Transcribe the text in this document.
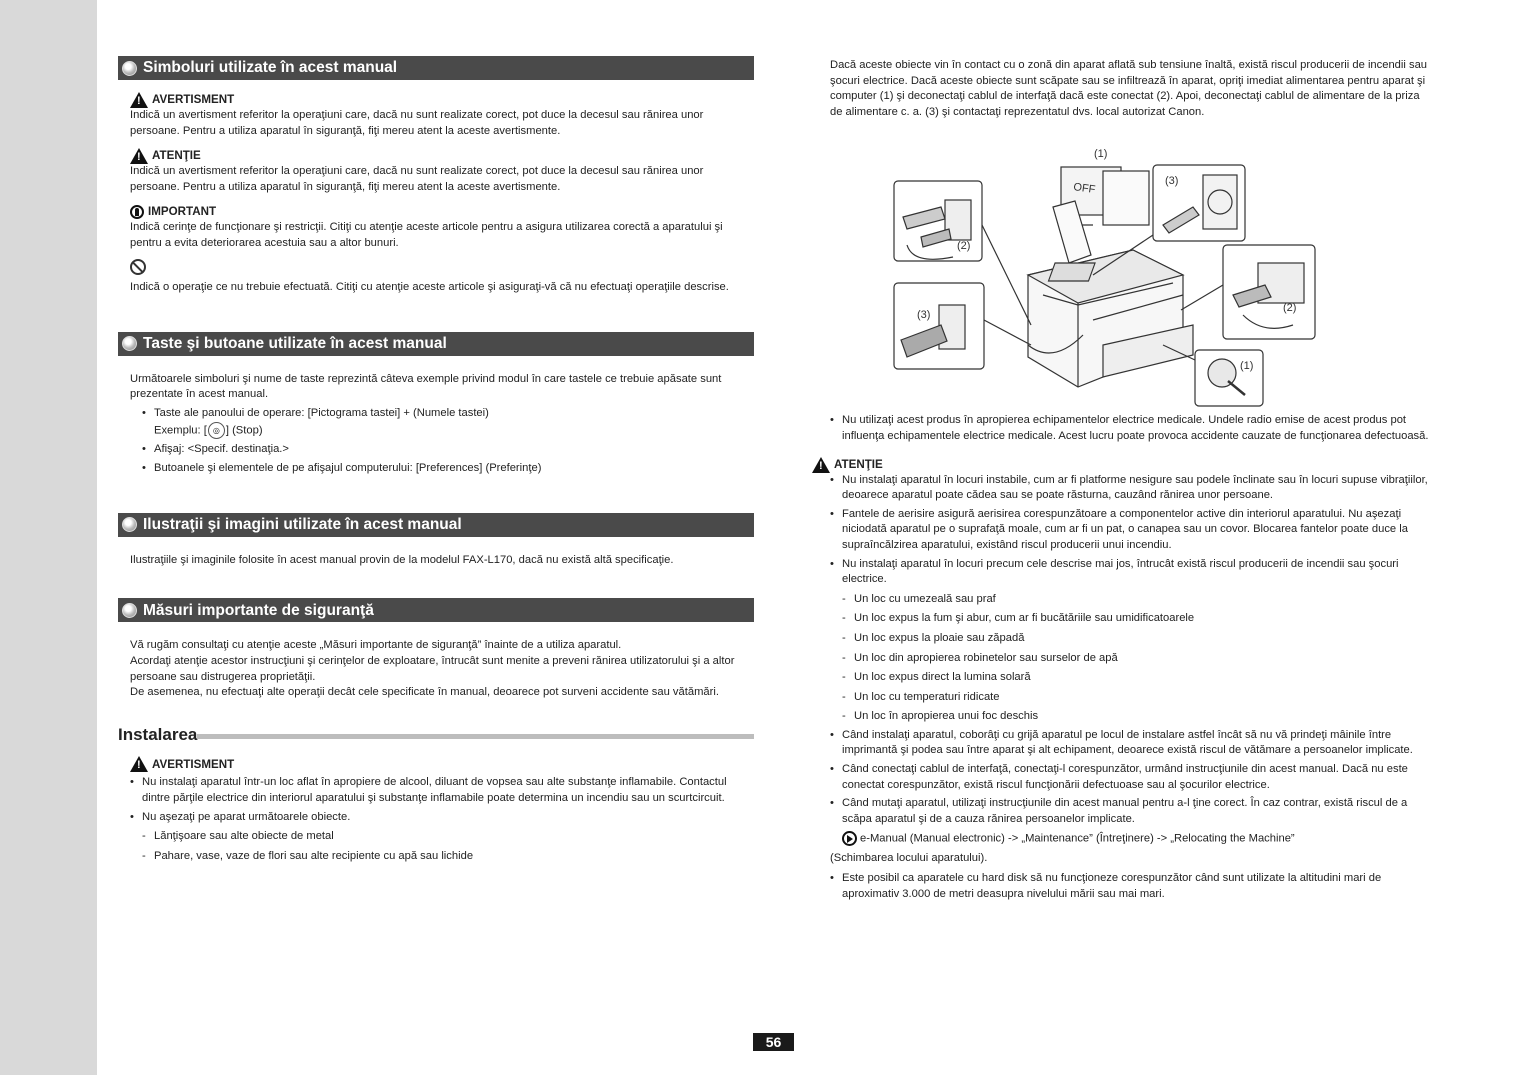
Simboluri utilizate în acest manual
!
AVERTISMENT

Indică un avertisment referitor la operaţiuni care, dacă nu sunt realizate corect, pot duce la decesul sau rănirea unor persoane. Pentru a utiliza aparatul în siguranţă, fiţi mereu atent la aceste avertismente.

!
ATENŢIE

Indică un avertisment referitor la operaţiuni care, dacă nu sunt realizate corect, pot duce la decesul sau rănirea unor persoane. Pentru a utiliza aparatul în siguranţă, fiţi mereu atent la aceste avertismente.

IMPORTANT

Indică cerinţe de funcţionare şi restricţii. Citiţi cu atenţie aceste articole pentru a asigura utilizarea corectă a aparatului şi pentru a evita deteriorarea acestuia sau a altor bunuri.

Indică o operaţie ce nu trebuie efectuată. Citiţi cu atenţie aceste articole şi asiguraţi-vă că nu efectuaţi operaţiile descrise.

Taste şi butoane utilizate în acest manual

Următoarele simboluri şi nume de taste reprezintă câteva exemple privind modul în care tastele ce trebuie apăsate sunt prezentate în acest manual.

• Taste ale panoului de operare: [Pictograma tastei] + (Numele tastei)
Exemplu: [ ◎ ] (Stop)
• Afişaj: <Specif. destinaţia.>
• Butoanele şi elementele de pe afişajul computerului: [Preferences] (Preferinţe)
Ilustraţii şi imagini utilizate în acest manual

Ilustraţiile şi imaginile folosite în acest manual provin de la modelul FAX-L170, dacă nu există altă specificaţie.

Măsuri importante de siguranţă

Vă rugăm consultaţi cu atenţie aceste „Măsuri importante de siguranţă” înainte de a utiliza aparatul.

Acordaţi atenţie acestor instrucţiuni şi cerinţelor de exploatare, întrucât sunt menite a preveni rănirea utilizatorului şi a altor persoane sau distrugerea proprietăţii.

De asemenea, nu efectuaţi alte operaţii decât cele specificate în manual, deoarece pot surveni accidente sau vătămări.

Instalarea
!
AVERTISMENT
• Nu instalaţi aparatul într-un loc aflat în apropiere de alcool, diluant de vopsea sau alte substanţe inflamabile. Contactul dintre părţile electrice din interiorul aparatului şi substanţe inflamabile poate determina un incendiu sau un scurtcircuit.
• Nu aşezaţi pe aparat următoarele obiecte.
- Lănţişoare sau alte obiecte de metal
- Pahare, vase, vaze de flori sau alte recipiente cu apă sau lichide

Dacă aceste obiecte vin în contact cu o zonă din aparat aflată sub tensiune înaltă, există riscul producerii de incendii sau şocuri electrice. Dacă aceste obiecte sunt scăpate sau se infiltrează în aparat, opriţi imediat alimentarea pentru aparat şi computer (1) şi deconectaţi cablul de interfaţă dacă este conectat (2). Apoi, deconectaţi cablul de alimentare de la priza de alimentare c. a. (3) şi contactaţi reprezentatul dvs. local autorizat Canon.

• Nu utilizaţi acest produs în apropierea echipamentelor electrice medicale. Undele radio emise de acest produs pot influenţa echipamentele electrice medicale. Acest lucru poate provoca accidente cauzate de funcţionarea defectuoasă.
!
ATENŢIE
• Nu instalaţi aparatul în locuri instabile, cum ar fi platforme nesigure sau podele înclinate sau în locuri supuse vibraţiilor, deoarece aparatul poate cădea sau se poate răsturna, cauzând rănirea unor persoane.
• Fantele de aerisire asigură aerisirea corespunzătoare a componentelor active din interiorul aparatului. Nu aşezaţi niciodată aparatul pe o suprafaţă moale, cum ar fi un pat, o canapea sau un covor. Blocarea fantelor poate duce la supraîncălzirea aparatului, existând riscul producerii unui incendiu.
• Nu instalaţi aparatul în locuri precum cele descrise mai jos, întrucât există riscul producerii de incendii sau şocuri electrice.
- Un loc cu umezeală sau praf
- Un loc expus la fum şi abur, cum ar fi bucătăriile sau umidificatoarele
- Un loc expus la ploaie sau zăpadă
- Un loc din apropierea robinetelor sau surselor de apă
- Un loc expus direct la lumina solară
- Un loc cu temperaturi ridicate
- Un loc în apropierea unui foc deschis
• Când instalaţi aparatul, coborâţi cu grijă aparatul pe locul de instalare astfel încât să nu vă prindeţi mâinile între imprimantă şi podea sau între aparat şi alt echipament, deoarece există riscul de vătămare a persoanelor implicate.
• Când conectaţi cablul de interfaţă, conectaţi-l corespunzător, urmând instrucţiunile din acest manual. Dacă nu este conectat corespunzător, există riscul funcţionării defectuoase sau al şocurilor electrice.
• Când mutaţi aparatul, utilizaţi instrucţiunile din acest manual pentru a-l ţine corect. În caz contrar, există riscul de a scăpa aparatul şi de a cauza rănirea persoanelor implicate.
e-Manual (Manual electronic) -> „Maintenance” (Întreţinere) -> „Relocating the Machine”

(Schimbarea locului aparatului).

• Este posibil ca aparatele cu hard disk să nu funcţioneze corespunzător când sunt utilizate la altitudini mari de aproximativ 3.000 de metri deasupra nivelului mării sau mai mari.
(1)
(3)
(2)
(3)
(2)
(1)
OFF
56
